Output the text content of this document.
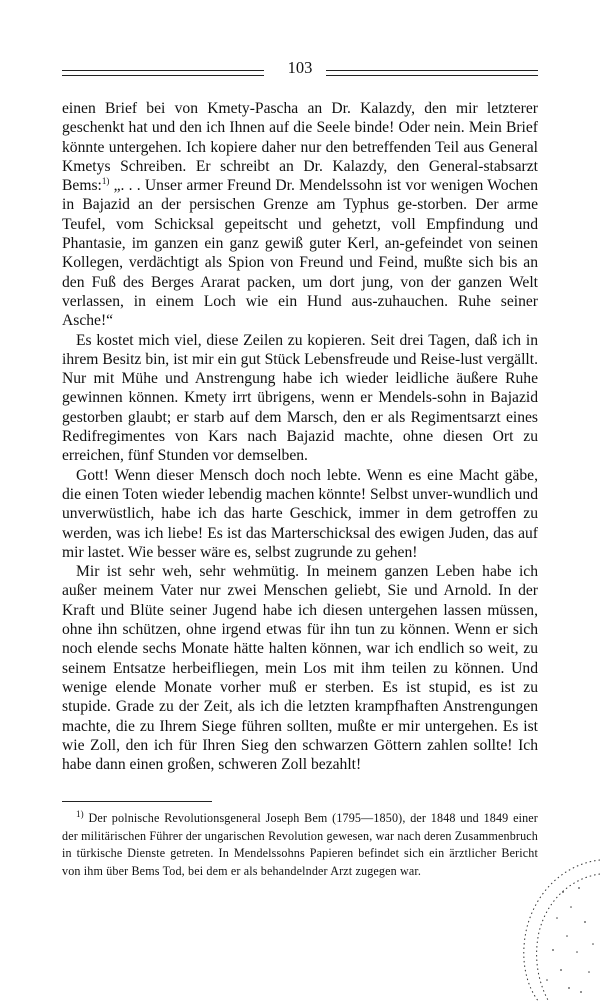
103

einen Brief bei von Kmety-Pascha an Dr. Kalazdy, den mir letzterer geschenkt hat und den ich Ihnen auf die Seele binde! Oder nein. Mein Brief könnte untergehen. Ich kopiere daher nur den betreffenden Teil aus General Kmetys Schreiben. Er schreibt an Dr. Kalazdy, den General-stabsarzt Bems:$^{1)}$ „. . . Unser armer Freund Dr. Mendelssohn ist vor wenigen Wochen in Bajazid an der persischen Grenze am Typhus ge-storben. Der arme Teufel, vom Schicksal gepeitscht und gehetzt, voll Empfindung und Phantasie, im ganzen ein ganz gewiß guter Kerl, an-gefeindet von seinen Kollegen, verdächtigt als Spion von Freund und Feind, mußte sich bis an den Fuß des Berges Ararat packen, um dort jung, von der ganzen Welt verlassen, in einem Loch wie ein Hund aus-zuhauchen. Ruhe seiner Asche!“

Es kostet mich viel, diese Zeilen zu kopieren. Seit drei Tagen, daß ich in ihrem Besitz bin, ist mir ein gut Stück Lebensfreude und Reise-lust vergällt. Nur mit Mühe und Anstrengung habe ich wieder leidliche äußere Ruhe gewinnen können. Kmety irrt übrigens, wenn er Mendels-sohn in Bajazid gestorben glaubt; er starb auf dem Marsch, den er als Regimentsarzt eines Redifregimentes von Kars nach Bajazid machte, ohne diesen Ort zu erreichen, fünf Stunden vor demselben.

Gott! Wenn dieser Mensch doch noch lebte. Wenn es eine Macht gäbe, die einen Toten wieder lebendig machen könnte! Selbst unver-wundlich und unverwüstlich, habe ich das harte Geschick, immer in dem getroffen zu werden, was ich liebe! Es ist das Marterschicksal des ewigen Juden, das auf mir lastet. Wie besser wäre es, selbst zugrunde zu gehen!

Mir ist sehr weh, sehr wehmütig. In meinem ganzen Leben habe ich außer meinem Vater nur zwei Menschen geliebt, Sie und Arnold. In der Kraft und Blüte seiner Jugend habe ich diesen untergehen lassen müssen, ohne ihn schützen, ohne irgend etwas für ihn tun zu können. Wenn er sich noch elende sechs Monate hätte halten können, war ich endlich so weit, zu seinem Entsatze herbeifliegen, mein Los mit ihm teilen zu können. Und wenige elende Monate vorher muß er sterben. Es ist stupid, es ist zu stupide. Grade zu der Zeit, als ich die letzten krampfhaften Anstrengungen machte, die zu Ihrem Siege führen sollten, mußte er mir untergehen. Es ist wie Zoll, den ich für Ihren Sieg den schwarzen Göttern zahlen sollte! Ich habe dann einen großen, schweren Zoll bezahlt!

$^{1)}$ Der polnische Revolutionsgeneral Joseph Bem (1795—1850), der 1848 und 1849 einer der militärischen Führer der ungarischen Revolution gewesen, war nach deren Zusammenbruch in türkische Dienste getreten. In Mendelssohns Papieren befindet sich ein ärztlicher Bericht von ihm über Bems Tod, bei dem er als behandelnder Arzt zugegen war.
